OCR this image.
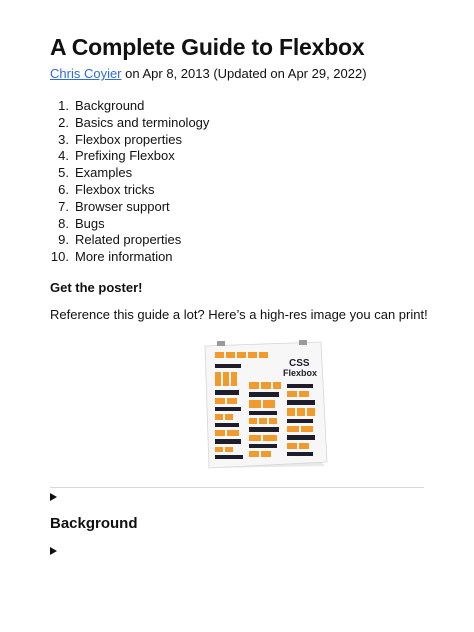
A Complete Guide to Flexbox
Chris Coyier on Apr 8, 2013 (Updated on Apr 29, 2022)
1. Background
2. Basics and terminology
3. Flexbox properties
4. Prefixing Flexbox
5. Examples
6. Flexbox tricks
7. Browser support
8. Bugs
9. Related properties
10. More information
Get the poster!
Reference this guide a lot? Here’s a high-res image you can print!
CSS
Flexbox
Background
